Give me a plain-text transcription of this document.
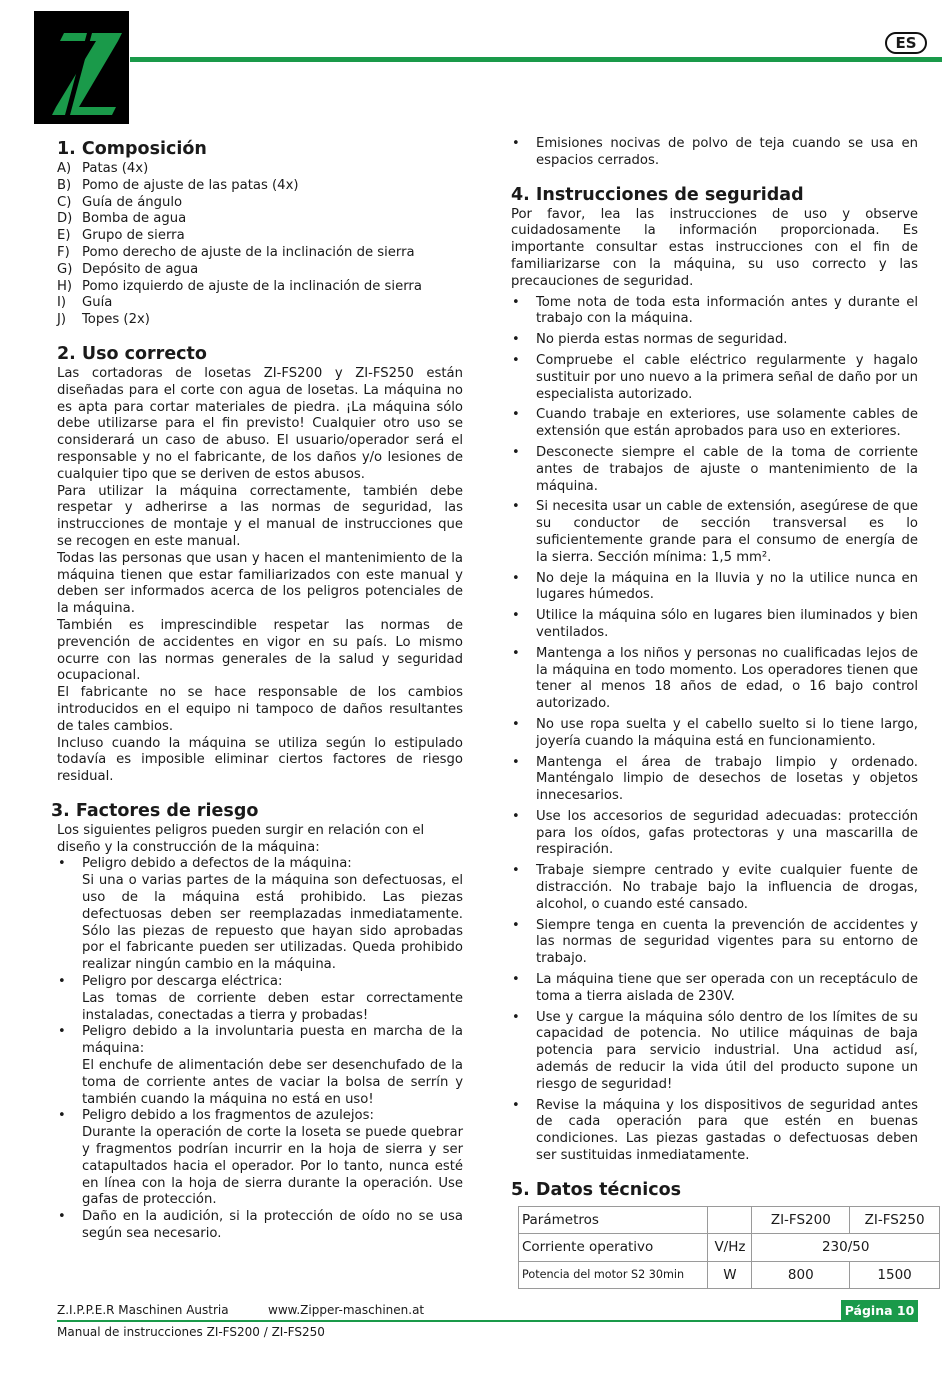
ES
1. Composición
A) Patas (4x)
B) Pomo de ajuste de las patas (4x)
C) Guía de ángulo
D) Bomba de agua
E) Grupo de sierra
F) Pomo derecho de ajuste de la inclinación de sierra
G) Depósito de agua
H) Pomo izquierdo de ajuste de la inclinación de sierra
I)	Guía
J)	Topes (2x)
2. Uso correcto

Las cortadoras de losetas ZI-FS200 y ZI-FS250 están diseñadas para el corte con agua de losetas. La máquina no es apta para cortar materiales de piedra. ¡La máquina sólo debe utilizarse para el fin previsto! Cualquier otro uso se considerará un caso de abuso. El usuario/operador será el responsable y no el fabricante, de los daños y/o lesiones de cualquier tipo que se deriven de estos abusos.

Para utilizar la máquina correctamente, también debe respetar y adherirse a las normas de seguridad, las instrucciones de montaje y el manual de instrucciones que se recogen en este manual.

Todas las personas que usan y hacen el mantenimiento de la máquina tienen que estar familiarizados con este manual y deben ser informados acerca de los peligros potenciales de la máquina.

También es imprescindible respetar las normas de prevención de accidentes en vigor en su país. Lo mismo ocurre con las normas generales de la salud y seguridad ocupacional.

El fabricante no se hace responsable de los cambios introducidos en el equipo ni tampoco de daños resultantes de tales cambios.

Incluso cuando la máquina se utiliza según lo estipulado todavía es imposible eliminar ciertos factores de riesgo residual.

3. Factores de riesgo

Los siguientes peligros pueden surgir en relación con el diseño y la construcción de la máquina:

• Peligro debido a defectos de la máquina:
Si una o varias partes de la máquina son defectuosas, el uso de la máquina está prohibido. Las piezas defectuosas deben ser reemplazadas inmediatamente. Sólo las piezas de repuesto que hayan sido aprobadas por el fabricante pueden ser utilizadas. Queda prohibido realizar ningún cambio en la máquina.
• Peligro por descarga eléctrica:
Las tomas de corriente deben estar correctamente instaladas, conectadas a tierra y probadas!
• Peligro debido a la involuntaria puesta en marcha de la máquina:
El enchufe de alimentación debe ser desenchufado de la toma de corriente antes de vaciar la bolsa de serrín y también cuando la máquina no está en uso!
• Peligro debido a los fragmentos de azulejos:
Durante la operación de corte la loseta se puede quebrar y fragmentos podrían incurrir en la hoja de sierra y ser catapultados hacia el operador. Por lo tanto, nunca esté en línea con la hoja de sierra durante la operación. Use gafas de protección.
• Daño en la audición, si la protección de oído no se usa según sea necesario.
• Emisiones nocivas de polvo de teja cuando se usa en espacios cerrados.
4. Instrucciones de seguridad

Por favor, lea las instrucciones de uso y observe cuidadosamente la información proporcionada. Es importante consultar estas instrucciones con el fin de familiarizarse con la máquina, su uso correcto y las precauciones de seguridad.

• Tome nota de toda esta información antes y durante el trabajo con la máquina.
• No pierda estas normas de seguridad.
• Compruebe el cable eléctrico regularmente y hagalo sustituir por uno nuevo a la primera señal de daño por un especialista autorizado.
• Cuando trabaje en exteriores, use solamente cables de extensión que están aprobados para uso en exteriores.
• Desconecte siempre el cable de la toma de corriente antes de trabajos de ajuste o mantenimiento de la máquina.
• Si necesita usar un cable de extensión, asegúrese de que su conductor de sección transversal es lo suficientemente grande para el consumo de energía de la sierra. Sección mínima: 1,5 mm².
• No deje la máquina en la lluvia y no la utilice nunca en lugares húmedos.
• Utilice la máquina sólo en lugares bien iluminados y bien ventilados.
• Mantenga a los niños y personas no cualificadas lejos de la máquina en todo momento. Los operadores tienen que tener al menos 18 años de edad, o 16 bajo control autorizado.
• No use ropa suelta y el cabello suelto si lo tiene largo, joyería cuando la máquina está en funcionamiento.
• Mantenga el área de trabajo limpio y ordenado. Manténgalo limpio de desechos de losetas y objetos innecesarios.
• Use los accesorios de seguridad adecuadas: protección para los oídos, gafas protectoras y una mascarilla de respiración.
• Trabaje siempre centrado y evite cualquier fuente de distracción. No trabaje bajo la influencia de drogas, alcohol, o cuando esté cansado.
• Siempre tenga en cuenta la prevención de accidentes y las normas de seguridad vigentes para su entorno de trabajo.
• La máquina tiene que ser operada con un receptáculo de toma a tierra aislada de 230V.
• Use y cargue la máquina sólo dentro de los límites de su capacidad de potencia. No utilice máquinas de baja potencia para servicio industrial. Una actidud así, además de reducir la vida útil del producto supone un riesgo de seguridad!
• Revise la máquina y los dispositivos de seguridad antes de cada operación para que estén en buenas condiciones. Las piezas gastadas o defectuosas deben ser sustituidas inmediatamente.
5. Datos técnicos
Parámetros		ZI-FS200	ZI-FS250
Corriente operativo	V/Hz	230/50	
Potencia del motor S2 30min	W	800	1500
Z.I.P.P.E.R Maschinen Austria	www.Zipper-maschinen.at	Página 10
Manual de instrucciones ZI-FS200 / ZI-FS250
